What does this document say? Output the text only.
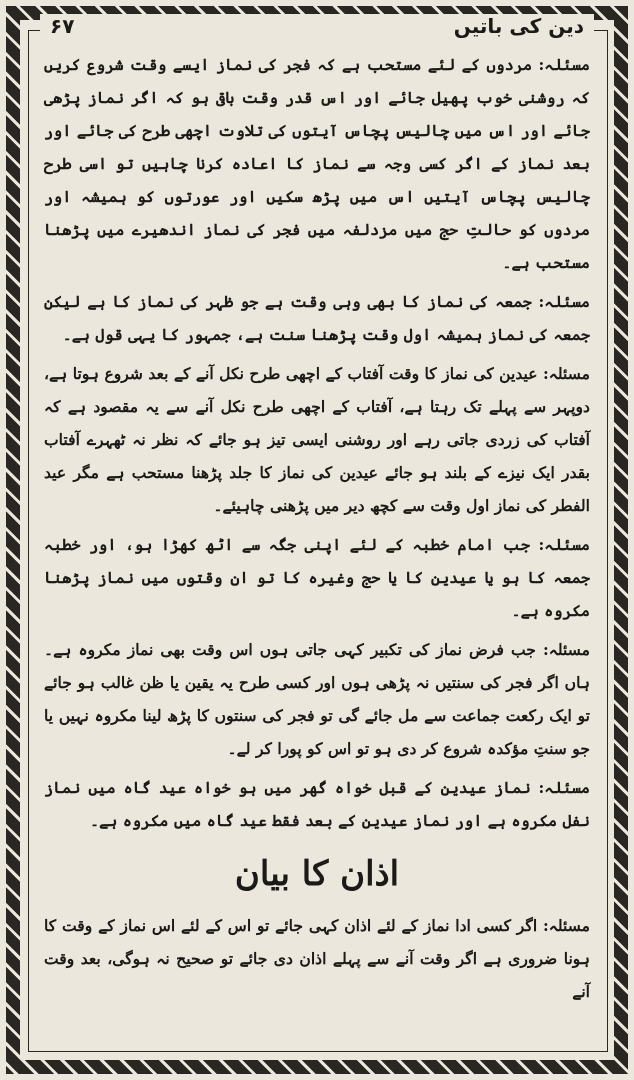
۶۷	دین کی باتیں

مسئلہ: مردوں کے لئے مستحب ہے کہ فجر کی نماز ایسے وقت شروع کریں کہ روشنی خوب پھیل جائے اور اس قدر وقت باقی ہو کہ اگر نماز پڑھی جائے اور اس میں چالیس پچاس آیتوں کی تلاوت اچھی طرح کی جائے اور بعد نماز کے اگر کسی وجہ سے نماز کا اعادہ کرنا چاہیں تو اسی طرح چالیس پچاس آیتیں اس میں پڑھ سکیں اور عورتوں کو ہمیشہ اور مردوں کو حالتِ حج میں مزدلفہ میں فجر کی نماز اندھیرے میں پڑھنا مستحب ہے۔

مسئلہ: جمعہ کی نماز کا بھی وہی وقت ہے جو ظہر کی نماز کا ہے لیکن جمعہ کی نماز ہمیشہ اول وقت پڑھنا سنت ہے، جمہور کا یہی قول ہے۔

مسئلہ: عیدین کی نماز کا وقت آفتاب کے اچھی طرح نکل آنے کے بعد شروع ہوتا ہے، دوپہر سے پہلے تک رہتا ہے، آفتاب کے اچھی طرح نکل آنے سے یہ مقصود ہے کہ آفتاب کی زردی جاتی رہے اور روشنی ایسی تیز ہو جائے کہ نظر نہ ٹھہرے آفتاب بقدر ایک نیزے کے بلند ہو جائے عیدین کی نماز کا جلد پڑھنا مستحب ہے مگر عید الفطر کی نماز اول وقت سے کچھ دیر میں پڑھنی چاہیئے۔

مسئلہ: جب امام خطبہ کے لئے اپنی جگہ سے اٹھ کھڑا ہو، اور خطبہ جمعہ کا ہو یا عیدین کا یا حج وغیرہ کا تو ان وقتوں میں نماز پڑھنا مکروہ ہے۔

مسئلہ: جب فرض نماز کی تکبیر کہی جاتی ہوں اس وقت بھی نماز مکروہ ہے۔ ہاں اگر فجر کی سنتیں نہ پڑھی ہوں اور کسی طرح یہ یقین یا ظن غالب ہو جائے تو ایک رکعت جماعت سے مل جائے گی تو فجر کی سنتوں کا پڑھ لینا مکروہ نہیں یا جو سنتِ مؤکدہ شروع کر دی ہو تو اس کو پورا کر لے۔

مسئلہ: نماز عیدین کے قبل خواہ گھر میں ہو خواہ عید گاہ میں نماز نفل مکروہ ہے اور نماز عیدین کے بعد فقط عید گاہ میں مکروہ ہے۔

اذان کا بیان

مسئلہ: اگر کسی ادا نماز کے لئے اذان کہی جائے تو اس کے لئے اس نماز کے وقت کا ہونا ضروری ہے اگر وقت آنے سے پہلے اذان دی جائے تو صحیح نہ ہوگی، بعد وقت آنے
